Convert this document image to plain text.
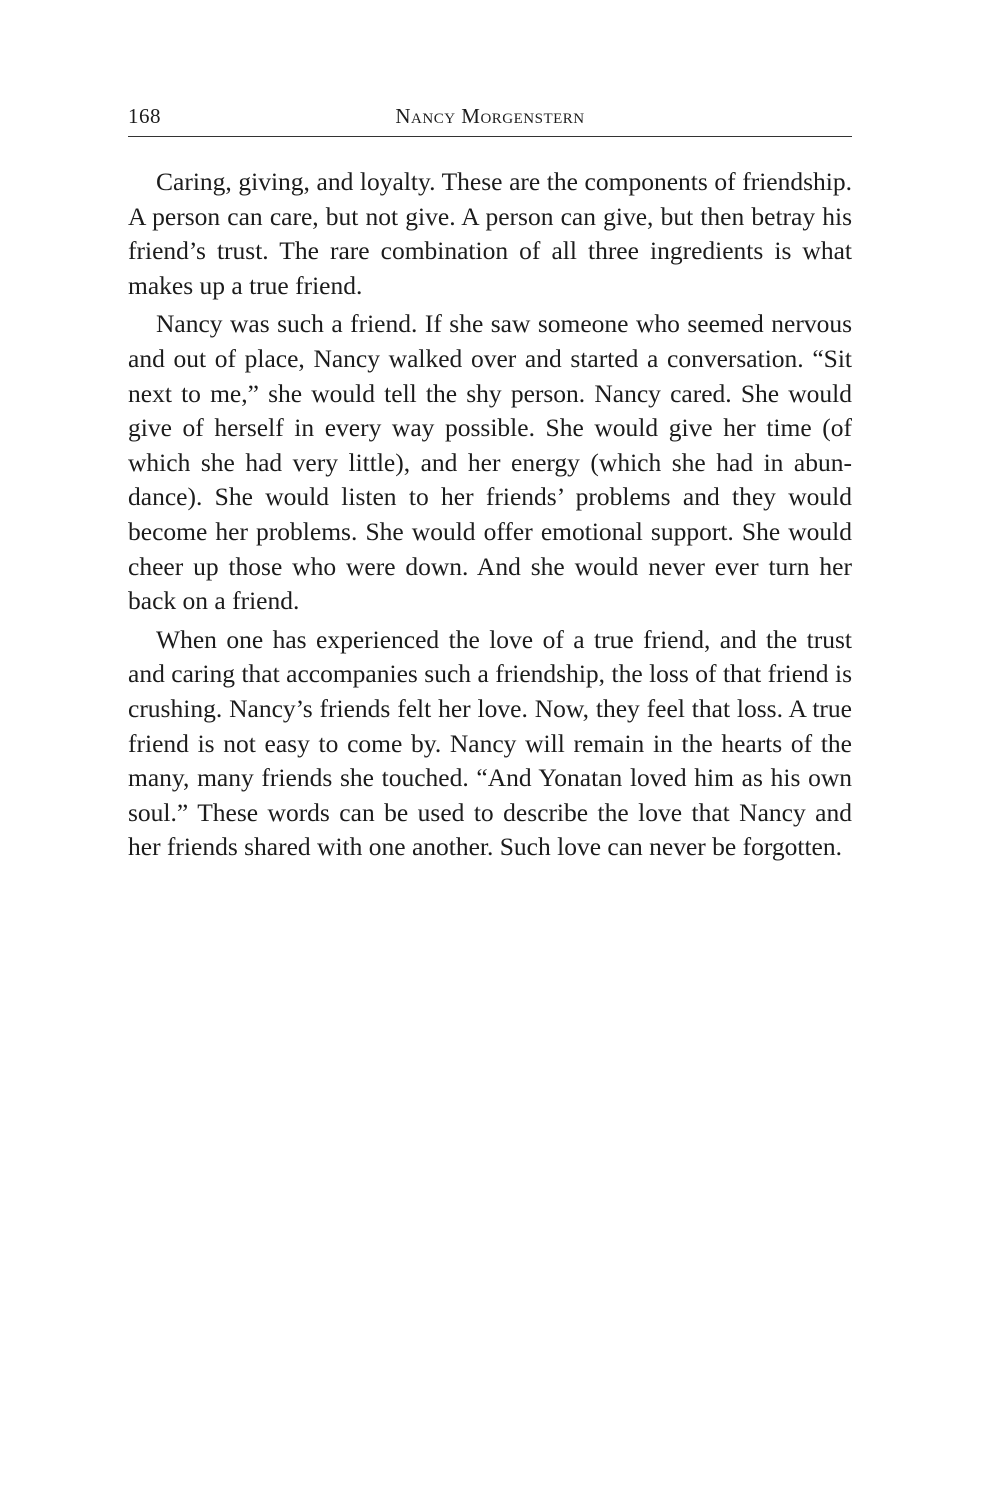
168	Nancy Morgenstern

Caring, giving, and loyalty. These are the components of friendship. A person can care, but not give. A person can give, but then betray his friend’s trust. The rare combination of all three ingredients is what makes up a true friend.

Nancy was such a friend. If she saw someone who seemed nervous and out of place, Nancy walked over and started a conversation. “Sit next to me,” she would tell the shy person. Nancy cared. She would give of herself in every way possible. She would give her time (of which she had very little), and her energy (which she had in abundance). She would listen to her friends’ problems and they would become her problems. She would offer emotional support. She would cheer up those who were down. And she would never ever turn her back on a friend.

When one has experienced the love of a true friend, and the trust and caring that accompanies such a friendship, the loss of that friend is crushing. Nancy’s friends felt her love. Now, they feel that loss. A true friend is not easy to come by. Nancy will remain in the hearts of the many, many friends she touched. “And Yonatan loved him as his own soul.” These words can be used to describe the love that Nancy and her friends shared with one another. Such love can never be forgotten.
